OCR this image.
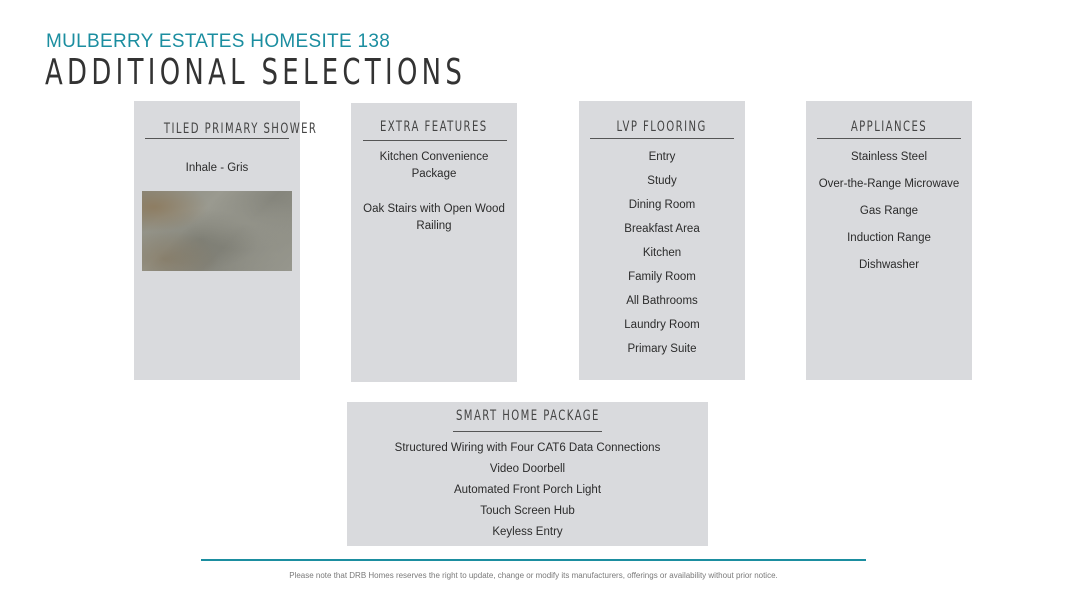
MULBERRY ESTATES HOMESITE 138
ADDITIONAL SELECTIONS
TILED PRIMARY SHOWER
Inhale - Gris
EXTRA FEATURES
Kitchen Convenience
Package
Oak Stairs with Open Wood
Railing
LVP FLOORING
Entry
Study
Dining Room
Breakfast Area
Kitchen
Family Room
All Bathrooms
Laundry Room
Primary Suite
APPLIANCES
Stainless Steel
Over-the-Range Microwave
Gas Range
Induction Range
Dishwasher
SMART HOME PACKAGE
Structured Wiring with Four CAT6 Data Connections
Video Doorbell
Automated Front Porch Light
Touch Screen Hub
Keyless Entry
Please note that DRB Homes reserves the right to update, change or modify its manufacturers, offerings or availability without prior notice.
